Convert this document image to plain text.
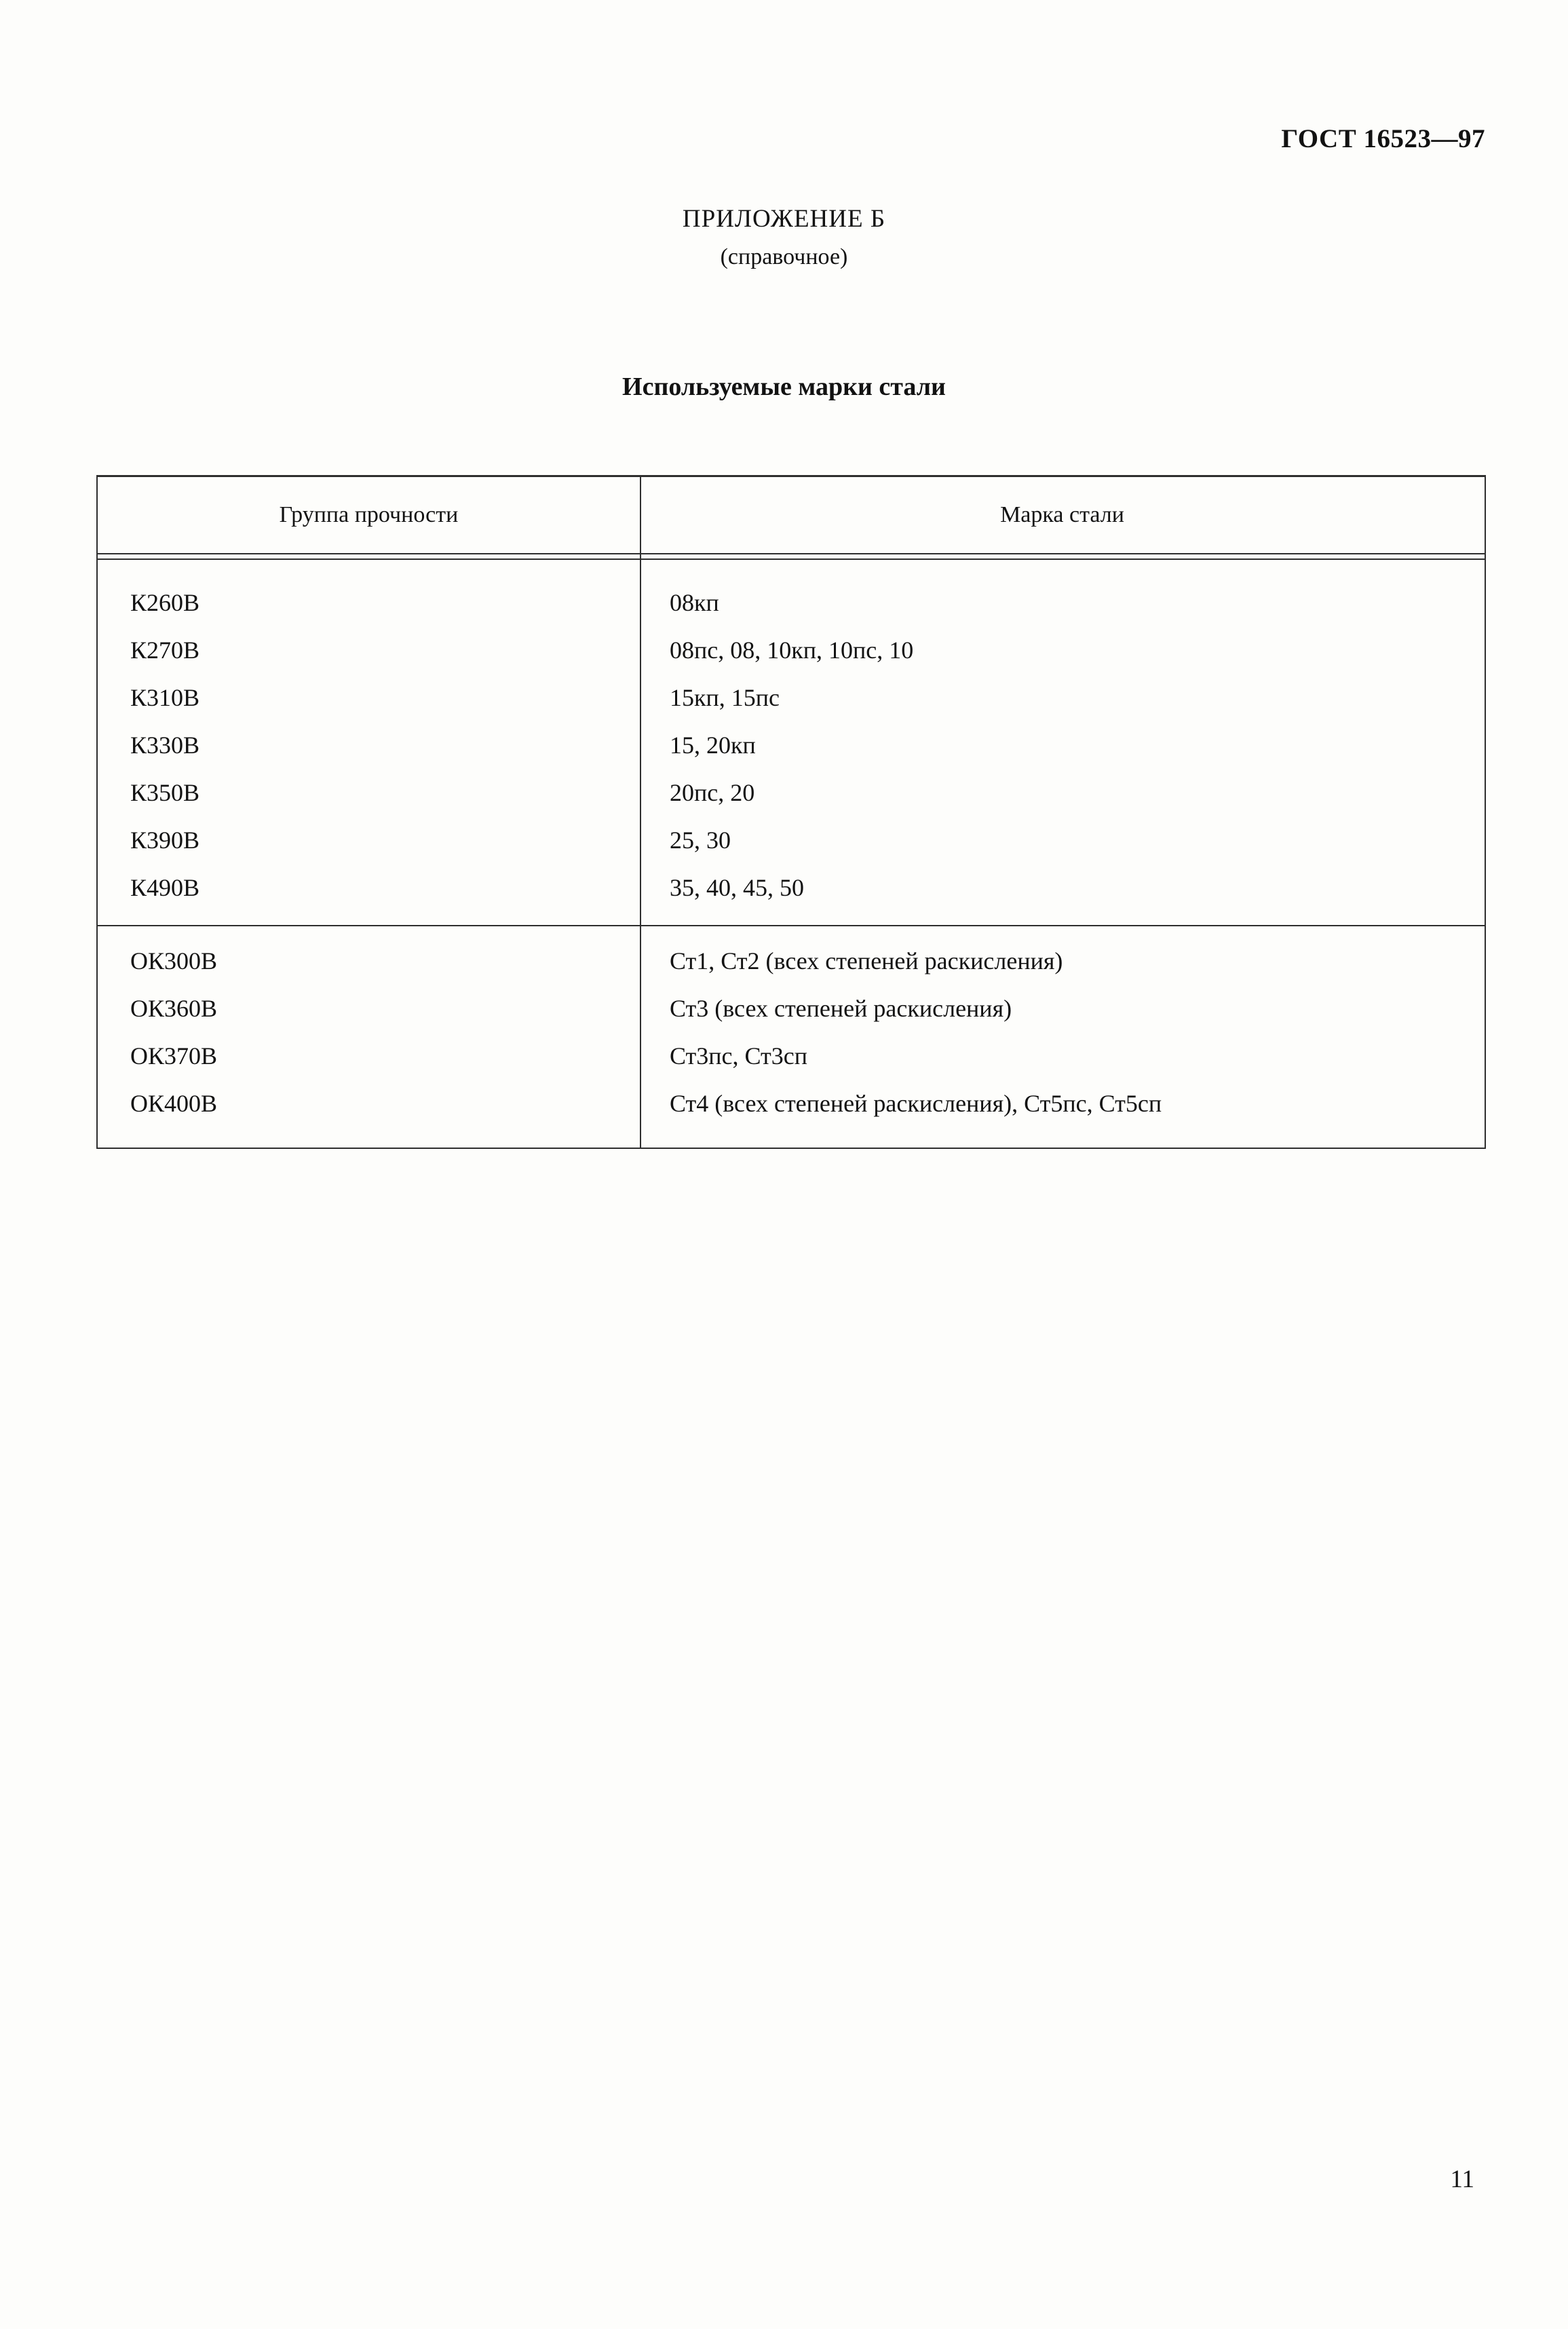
ГОСТ 16523—97
ПРИЛОЖЕНИЕ Б
(справочное)
Используемые марки стали
Группа прочности	Марка стали
К260В	08кп
К270В	08пс, 08, 10кп, 10пс, 10
К310В	15кп, 15пс
К330В	15, 20кп
К350В	20пс, 20
К390В	25, 30
К490В	35, 40, 45, 50
ОК300В	Ст1, Ст2 (всех степеней раскисления)
ОК360В	Ст3 (всех степеней раскисления)
ОК370В	Ст3пс, Ст3сп
ОК400В	Ст4 (всех степеней раскисления), Ст5пс, Ст5сп
11
